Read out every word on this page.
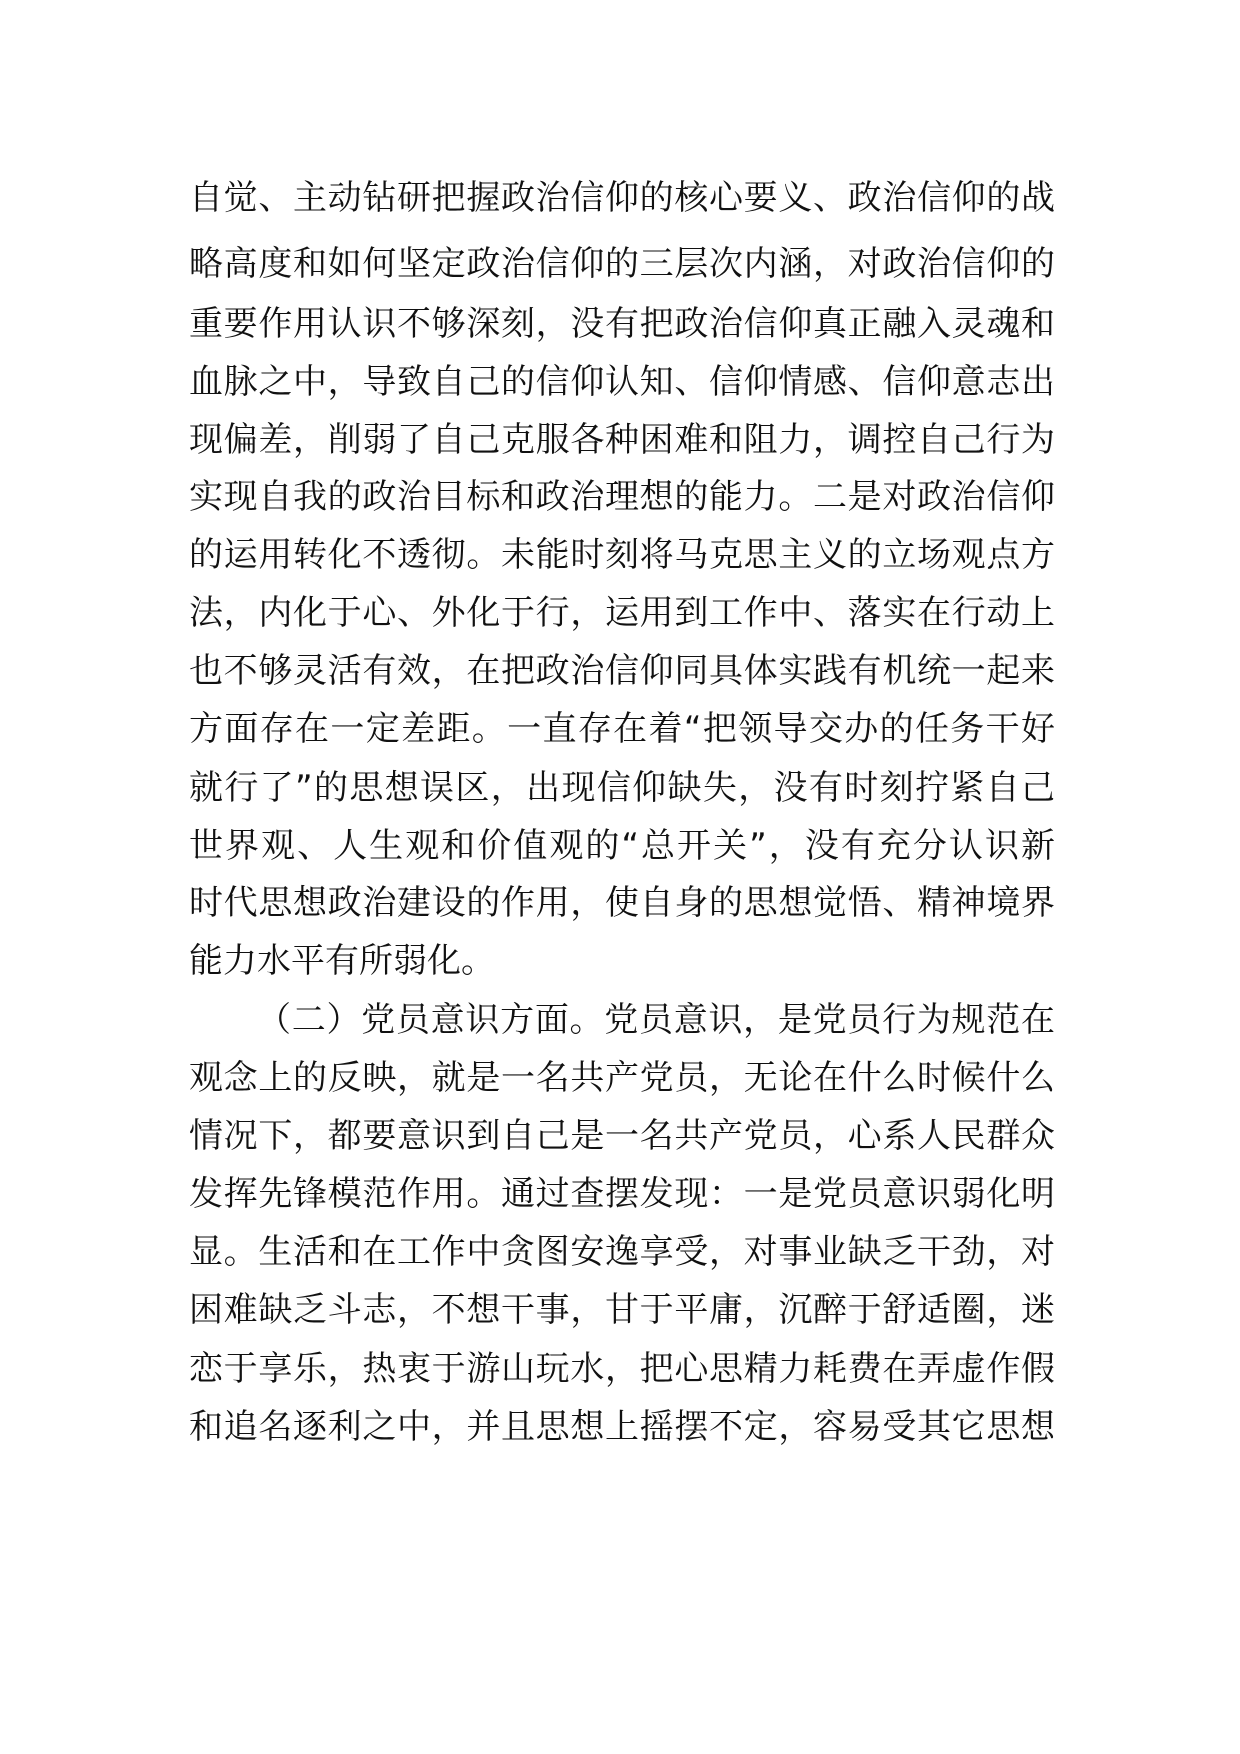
自觉、主动钻研把握政治信仰的核心要义、政治信仰的战
略高度和如何坚定政治信仰的三层次内涵，对政治信仰的
重要作用认识不够深刻，没有把政治信仰真正融入灵魂和
血脉之中，导致自己的信仰认知、信仰情感、信仰意志出
现偏差，削弱了自己克服各种困难和阻力，调控自己行为
实现自我的政治目标和政治理想的能力。二是对政治信仰
的运用转化不透彻。未能时刻将马克思主义的立场观点方
法，内化于心、外化于行，运用到工作中、落实在行动上
也不够灵活有效，在把政治信仰同具体实践有机统一起来
方面存在一定差距。一直存在着“把领导交办的任务干好
就行了”的思想误区，出现信仰缺失，没有时刻拧紧自己
世界观、人生观和价值观的“总开关”，没有充分认识新
时代思想政治建设的作用，使自身的思想觉悟、精神境界
能力水平有所弱化。
（二）党员意识方面。党员意识，是党员行为规范在
观念上的反映，就是一名共产党员，无论在什么时候什么
情况下，都要意识到自己是一名共产党员，心系人民群众
发挥先锋模范作用。通过查摆发现：一是党员意识弱化明
显。生活和在工作中贪图安逸享受，对事业缺乏干劲，对
困难缺乏斗志，不想干事，甘于平庸，沉醉于舒适圈，迷
恋于享乐，热衷于游山玩水，把心思精力耗费在弄虚作假
和追名逐利之中，并且思想上摇摆不定，容易受其它思想
